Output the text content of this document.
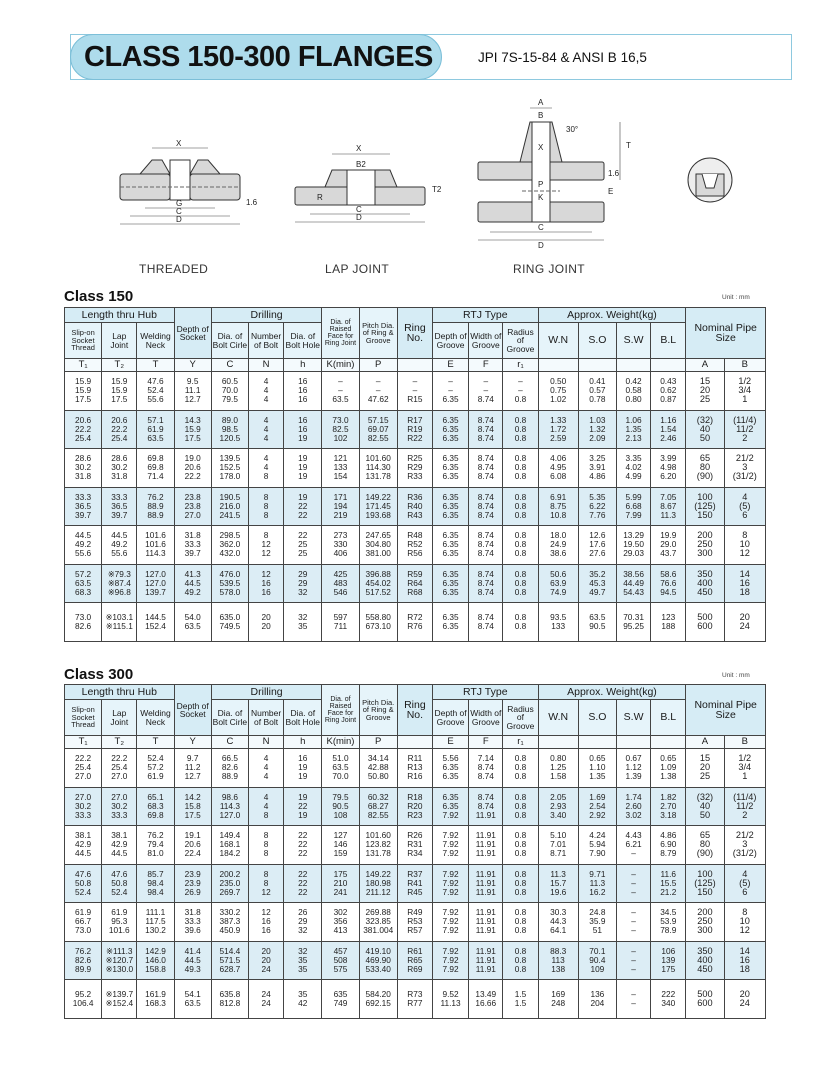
CLASS 150-300 FLANGES	JPI 7S-15-84 & ANSI B 16,5
X
G
C
D
1.6
X
B2
R
C
D
T2
A
B
30°
X	T
P
K
E
C
D
1.6
THREADED	LAP JOINT	RING JOINT
Class 150	Unit : mm
Length thru Hub			Depth of Socket	Drilling			Dia. of Raised Face for Ring Joint	Pitch Dia. of Ring & Groove	Ring No.	RTJ Type			Approx. Weight(kg)				Nominal Pipe Size	
Slip-on Socket Thread	Lap Joint	Welding Neck		Dia. of Bolt Cirle	Number of Bolt	Dia. of Bolt Hole				Depth of Groove	Width of Groove	Radius of Groove	W.N	S.O	S.W	B.L		
T₁	T₂	T	Y	C	N	h	K(min)	P		E	F	r₁					A	B
15.9
15.9
17.5	15.9
15.9
17.5	47.6
52.4
55.6	9.5
11.1
12.7	60.5
70.0
79.5	4
4
4	16
16
16	–
–
63.5	–
–
47.62	–
–
R15	–
–
6.35	–
–
8.74	–
–
0.8	0.50
0.75
1.02	0.41
0.57
0.78	0.42
0.58
0.80	0.43
0.62
0.87	15
20
25	1/2
3/4
1
20.6
22.2
25.4	20.6
22.2
25.4	57.1
61.9
63.5	14.3
15.9
17.5	89.0
98.5
120.5	4
4
4	16
16
19	73.0
82.5
102	57.15
69.07
82.55	R17
R19
R22	6.35
6.35
6.35	8.74
8.74
8.74	0.8
0.8
0.8	1.33
1.72
2.59	1.03
1.32
2.09	1.06
1.35
2.13	1.16
1.54
2.46	(32)
40
50	(11/4)
11/2
2
28.6
30.2
31.8	28.6
30.2
31.8	69.8
69.8
71.4	19.0
20.6
22.2	139.5
152.5
178.0	4
4
8	19
19
19	121
133
154	101.60
114.30
131.78	R25
R29
R33	6.35
6.35
6.35	8.74
8.74
8.74	0.8
0.8
0.8	4.06
4.95
6.08	3.25
3.91
4.86	3.35
4.02
4.99	3.99
4.98
6.20	65
80
(90)	21/2
3
(31/2)
33.3
36.5
39.7	33.3
36.5
39.7	76.2
88.9
88.9	23.8
23.8
27.0	190.5
216.0
241.5	8
8
8	19
22
22	171
194
219	149.22
171.45
193.68	R36
R40
R43	6.35
6.35
6.35	8.74
8.74
8.74	0.8
0.8
0.8	6.91
8.75
10.8	5.35
6.22
7.76	5.99
6.68
7.99	7.05
8.67
11.3	100
(125)
150	4
(5)
6
44.5
49.2
55.6	44.5
49.2
55.6	101.6
101.6
114.3	31.8
33.3
39.7	298.5
362.0
432.0	8
12
12	22
25
25	273
330
406	247.65
304.80
381.00	R48
R52
R56	6.35
6.35
6.35	8.74
8.74
8.74	0.8
0.8
0.8	18.0
24.9
38.6	12.6
17.6
27.6	13.29
19.50
29.03	19.9
29.0
43.7	200
250
300	8
10
12
57.2
63.5
68.3	※79.3
※87.4
※96.8	127.0
127.0
139.7	41.3
44.5
49.2	476.0
539.5
578.0	12
16
16	29
29
32	425
483
546	396.88
454.02
517.52	R59
R64
R68	6.35
6.35
6.35	8.74
8.74
8.74	0.8
0.8
0.8	50.6
63.9
74.9	35.2
45.3
49.7	38.56
44.49
54.43	58.6
76.6
94.5	350
400
450	14
16
18
73.0
82.6	※103.1
※115.1	144.5
152.4	54.0
63.5	635.0
749.5	20
20	32
35	597
711	558.80
673.10	R72
R76	6.35
6.35	8.74
8.74	0.8
0.8	93.5
133	63.5
90.5	70.31
95.25	123
188	500
600	20
24
Class 300	Unit : mm
Length thru Hub			Depth of Socket	Drilling			Dia. of Raised Face for Ring Joint	Pitch Dia. of Ring & Groove	Ring No.	RTJ Type			Approx. Weight(kg)				Nominal Pipe Size	
Slip-on Socket Thread	Lap Joint	Welding Neck		Dia. of Bolt Cirle	Number of Bolt	Dia. of Bolt Hole				Depth of Groove	Width of Groove	Radius of Groove	W.N	S.O	S.W	B.L		
T₁	T₂	T	Y	C	N	h	K(min)	P		E	F	r₁					A	B
22.2
25.4
27.0	22.2
25.4
27.0	52.4
57.2
61.9	9.7
11.2
12.7	66.5
82.6
88.9	4
4
4	16
19
19	51.0
63.5
70.0	34.14
42.88
50.80	R11
R13
R16	5.56
6.35
6.35	7.14
8.74
8.74	0.8
0.8
0.8	0.80
1.25
1.58	0.65
1.10
1.35	0.67
1.12
1.39	0.65
1.09
1.38	15
20
25	1/2
3/4
1
27.0
30.2
33.3	27.0
30.2
33.3	65.1
68.3
69.8	14.2
15.8
17.5	98.6
114.3
127.0	4
4
8	19
22
19	79.5
90.5
108	60.32
68.27
82.55	R18
R20
R23	6.35
6.35
7.92	8.74
8.74
11.91	0.8
0.8
0.8	2.05
2.93
3.40	1.69
2.54
2.92	1.74
2.60
3.02	1.82
2.70
3.18	(32)
40
50	(11/4)
11/2
2
38.1
42.9
44.5	38.1
42.9
44.5	76.2
79.4
81.0	19.1
20.6
22.4	149.4
168.1
184.2	8
8
8	22
22
22	127
146
159	101.60
123.82
131.78	R26
R31
R34	7.92
7.92
7.92	11.91
11.91
11.91	0.8
0.8
0.8	5.10
7.01
8.71	4.24
5.94
7.90	4.43
6.21
–	4.86
6.90
8.79	65
80
(90)	21/2
3
(31/2)
47.6
50.8
52.4	47.6
50.8
52.4	85.7
98.4
98.4	23.9
23.9
26.9	200.2
235.0
269.7	8
8
12	22
22
22	175
210
241	149.22
180.98
211.12	R37
R41
R45	7.92
7.92
7.92	11.91
11.91
11.91	0.8
0.8
0.8	11.3
15.7
19.6	9.71
11.3
16.2	–
–
–	11.6
15.5
21.2	100
(125)
150	4
(5)
6
61.9
66.7
73.0	61.9
95.3
101.6	111.1
117.5
130.2	31.8
33.3
39.6	330.2
387.3
450.9	12
16
16	26
29
32	302
356
413	269.88
323.85
381.004	R49
R53
R57	7.92
7.92
7.92	11.91
11.91
11.91	0.8
0.8
0.8	30.3
44.3
64.1	24.8
35.9
51	–
–
–	34.5
53.9
78.9	200
250
300	8
10
12
76.2
82.6
89.9	※111.3
※120.7
※130.0	142.9
146.0
158.8	41.4
44.5
49.3	514.4
571.5
628.7	20
20
24	32
35
35	457
508
575	419.10
469.90
533.40	R61
R65
R69	7.92
7.92
7.92	11.91
11.91
11.91	0.8
0.8
0.8	88.3
113
138	70.1
90.4
109	–
–
–	106
139
175	350
400
450	14
16
18
95.2
106.4	※139.7
※152.4	161.9
168.3	54.1
63.5	635.8
812.8	24
24	35
42	635
749	584.20
692.15	R73
R77	9.52
11.13	13.49
16.66	1.5
1.5	169
248	136
204	–
–	222
340	500
600	20
24
